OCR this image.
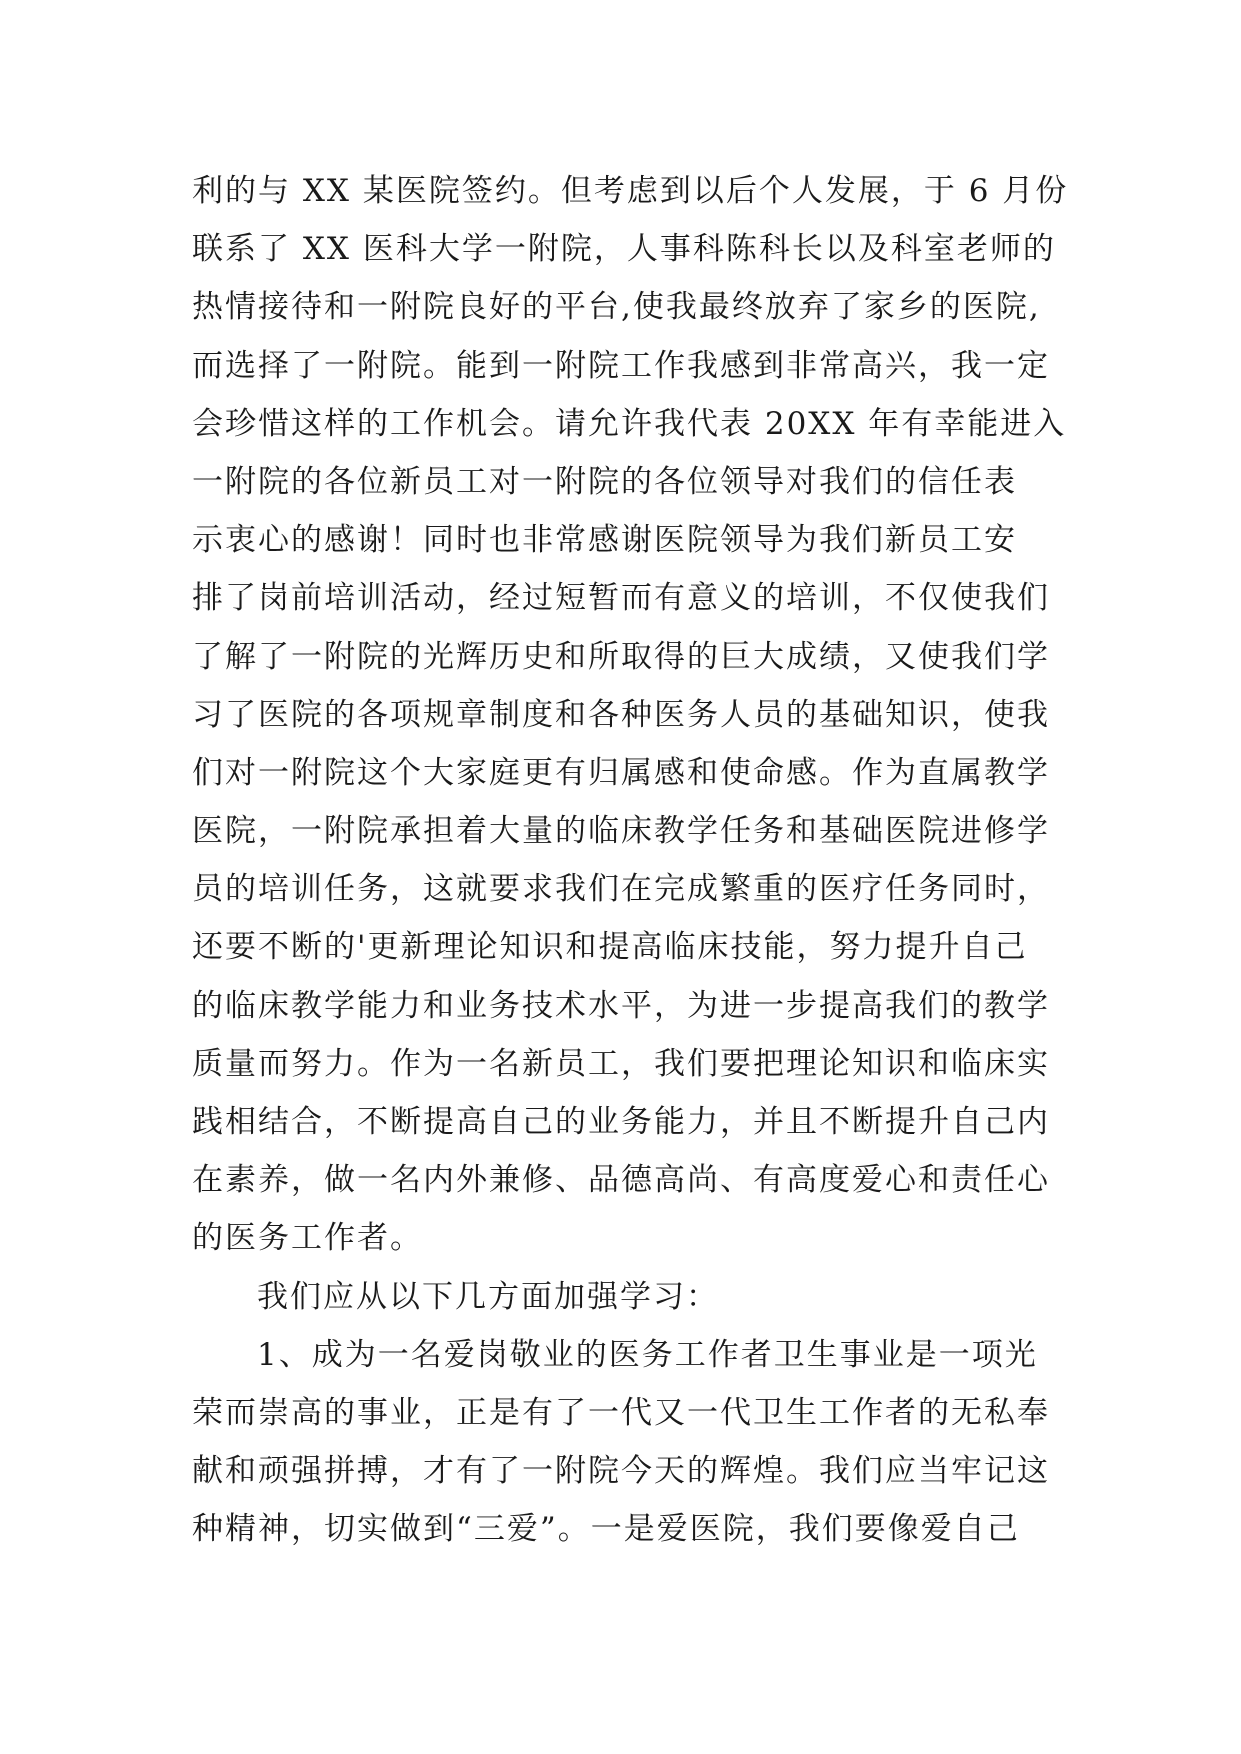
利的与 XX 某医院签约。但考虑到以后个人发展，于 6 月份
联系了 XX 医科大学一附院，人事科陈科长以及科室老师的
热情接待和一附院良好的平台,使我最终放弃了家乡的医院,
而选择了一附院。能到一附院工作我感到非常高兴，我一定
会珍惜这样的工作机会。请允许我代表 20XX 年有幸能进入
一附院的各位新员工对一附院的各位领导对我们的信任表
示衷心的感谢！同时也非常感谢医院领导为我们新员工安
排了岗前培训活动，经过短暂而有意义的培训，不仅使我们
了解了一附院的光辉历史和所取得的巨大成绩，又使我们学
习了医院的各项规章制度和各种医务人员的基础知识，使我
们对一附院这个大家庭更有归属感和使命感。作为直属教学
医院，一附院承担着大量的临床教学任务和基础医院进修学
员的培训任务，这就要求我们在完成繁重的医疗任务同时，
还要不断的'更新理论知识和提高临床技能，努力提升自己
的临床教学能力和业务技术水平，为进一步提高我们的教学
质量而努力。作为一名新员工，我们要把理论知识和临床实
践相结合，不断提高自己的业务能力，并且不断提升自己内
在素养，做一名内外兼修、品德高尚、有高度爱心和责任心
的医务工作者。
我们应从以下几方面加强学习：
1、成为一名爱岗敬业的医务工作者卫生事业是一项光
荣而崇高的事业，正是有了一代又一代卫生工作者的无私奉
献和顽强拼搏，才有了一附院今天的辉煌。我们应当牢记这
种精神，切实做到“三爱”。一是爱医院，我们要像爱自己
